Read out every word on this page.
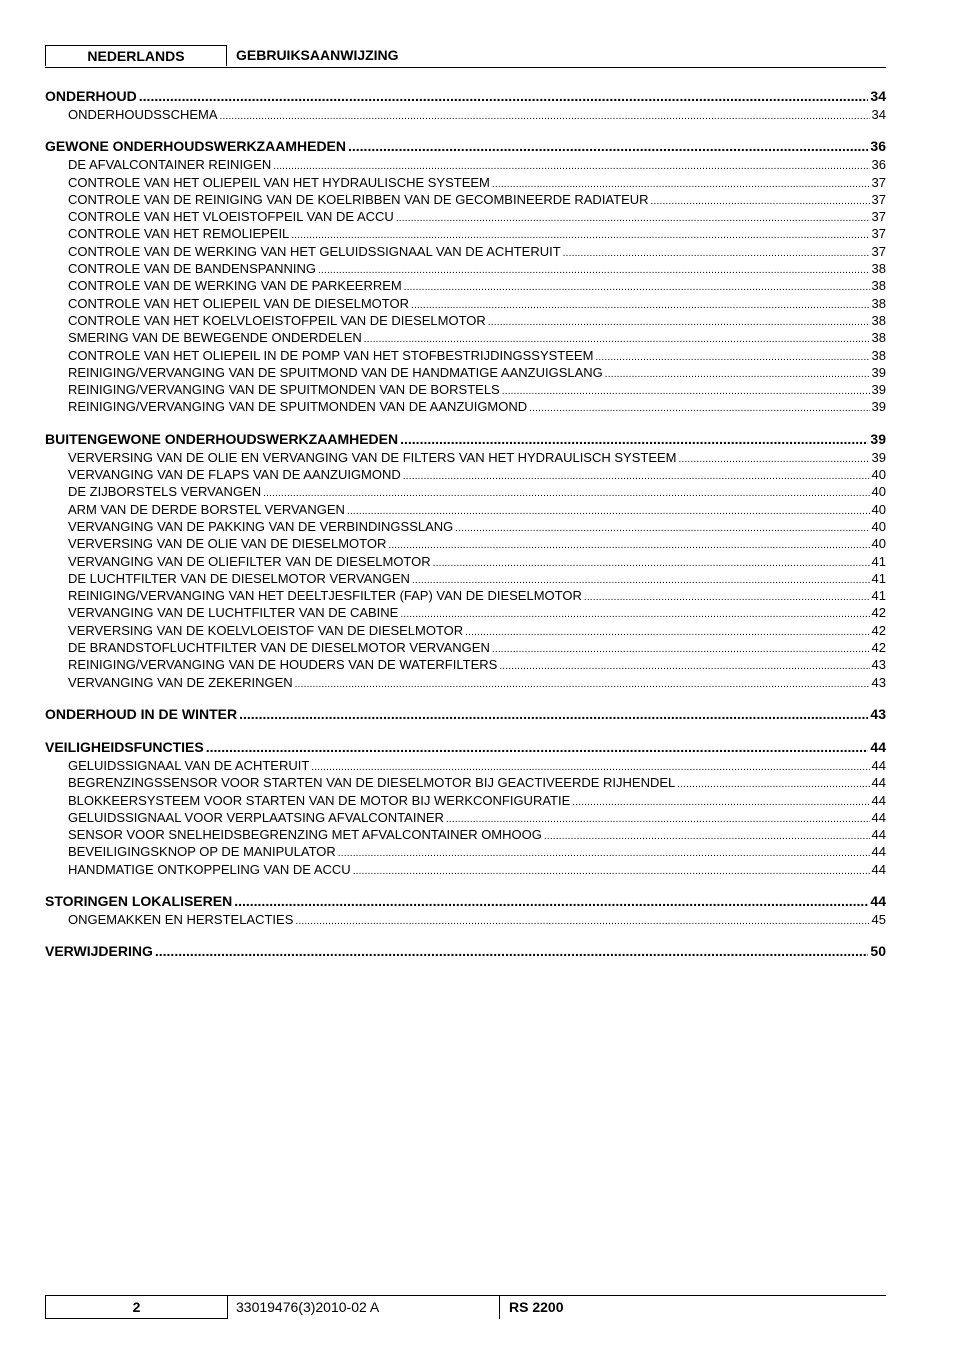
NEDERLANDS	GEBRUIKSAANWIJZING
ONDERHOUD .....	34
ONDERHOUDSSCHEMA .....	34
GEWONE ONDERHOUDSWERKZAAMHEDEN .....	36
DE AFVALCONTAINER REINIGEN .....	36
CONTROLE VAN HET OLIEPEIL VAN HET HYDRAULISCHE SYSTEEM .....	37
CONTROLE VAN DE REINIGING VAN DE KOELRIBBEN VAN DE GECOMBINEERDE RADIATEUR .....	37
CONTROLE VAN HET VLOEISTOFPEIL VAN DE ACCU .....	37
CONTROLE VAN HET REMOLIEPEIL .....	37
CONTROLE VAN DE WERKING VAN HET GELUIDSSIGNAAL VAN DE ACHTERUIT .....	37
CONTROLE VAN DE BANDENSPANNING .....	38
CONTROLE VAN DE WERKING VAN DE PARKEERREM .....	38
CONTROLE VAN HET OLIEPEIL VAN DE DIESELMOTOR .....	38
CONTROLE VAN HET KOELVLOEISTOFPEIL VAN DE DIESELMOTOR .....	38
SMERING VAN DE BEWEGENDE ONDERDELEN .....	38
CONTROLE VAN HET OLIEPEIL IN DE POMP VAN HET STOFBESTRIJDINGSSYSTEEM .....	38
REINIGING/VERVANGING VAN DE SPUITMOND VAN DE HANDMATIGE AANZUIGSLANG .....	39
REINIGING/VERVANGING VAN DE SPUITMONDEN VAN DE BORSTELS .....	39
REINIGING/VERVANGING VAN DE SPUITMONDEN VAN DE AANZUIGMOND .....	39
BUITENGEWONE ONDERHOUDSWERKZAAMHEDEN .....	39
VERVERSING VAN DE OLIE EN VERVANGING VAN DE FILTERS VAN HET HYDRAULISCH SYSTEEM .....	39
VERVANGING VAN DE FLAPS VAN DE AANZUIGMOND .....	40
DE ZIJBORSTELS VERVANGEN .....	40
ARM VAN DE DERDE BORSTEL VERVANGEN .....	40
VERVANGING VAN DE PAKKING VAN DE VERBINDINGSSLANG .....	40
VERVERSING VAN DE OLIE VAN DE DIESELMOTOR .....	40
VERVANGING VAN DE OLIEFILTER VAN DE DIESELMOTOR .....	41
DE LUCHTFILTER VAN DE DIESELMOTOR VERVANGEN .....	41
REINIGING/VERVANGING VAN HET DEELTJESFILTER (FAP) VAN DE DIESELMOTOR .....	41
VERVANGING VAN DE LUCHTFILTER VAN DE CABINE .....	42
VERVERSING VAN DE KOELVLOEISTOF VAN DE DIESELMOTOR .....	42
DE BRANDSTOFLUCHTFILTER VAN DE DIESELMOTOR VERVANGEN .....	42
REINIGING/VERVANGING VAN DE HOUDERS VAN DE WATERFILTERS .....	43
VERVANGING VAN DE ZEKERINGEN .....	43
ONDERHOUD IN DE WINTER .....	43
VEILIGHEIDSFUNCTIES .....	44
GELUIDSSIGNAAL VAN DE ACHTERUIT .....	44
BEGRENZINGSSENSOR VOOR STARTEN VAN DE DIESELMOTOR BIJ GEACTIVEERDE RIJHENDEL .....	44
BLOKKEERSYSTEEM VOOR STARTEN VAN DE MOTOR BIJ WERKCONFIGURATIE .....	44
GELUIDSSIGNAAL VOOR VERPLAATSING AFVALCONTAINER .....	44
SENSOR VOOR SNELHEIDSBEGRENZING MET AFVALCONTAINER OMHOOG .....	44
BEVEILIGINGSKNOP OP DE MANIPULATOR .....	44
HANDMATIGE ONTKOPPELING VAN DE ACCU .....	44
STORINGEN LOKALISEREN .....	44
ONGEMAKKEN EN HERSTELACTIES .....	45
VERWIJDERING .....	50
2	33019476(3)2010-02 A	RS 2200
